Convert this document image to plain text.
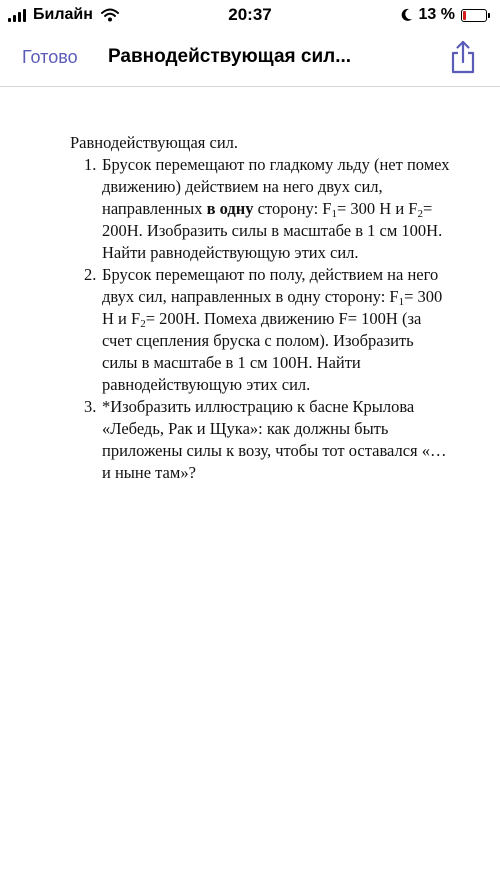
Билайн	20:37	13 %
Готово Равнодействующая сил...
Равнодействующая сил.
1. Брусок перемещают по гладкому льду (нет помех движению) действием на него двух сил, направленных в одну сторону: $F_1= 300$ Н и $F_2= 200Н$. Изобразить силы в масштабе в 1 см 100Н. Найти равнодействующую этих сил.
2. Брусок перемещают по полу, действием на него двух сил, направленных в одну сторону: $F_1= 300$ Н и $F_2= 200Н$. Помеха движению F= 100Н (за счет сцепления бруска с полом). Изобразить силы в масштабе в 1 см 100Н. Найти равнодействующую этих сил.
3. *Изобразить иллюстрацию к басне Крылова «Лебедь, Рак и Щука»: как должны быть приложены силы к возу, чтобы тот оставался «…и ныне там»?
